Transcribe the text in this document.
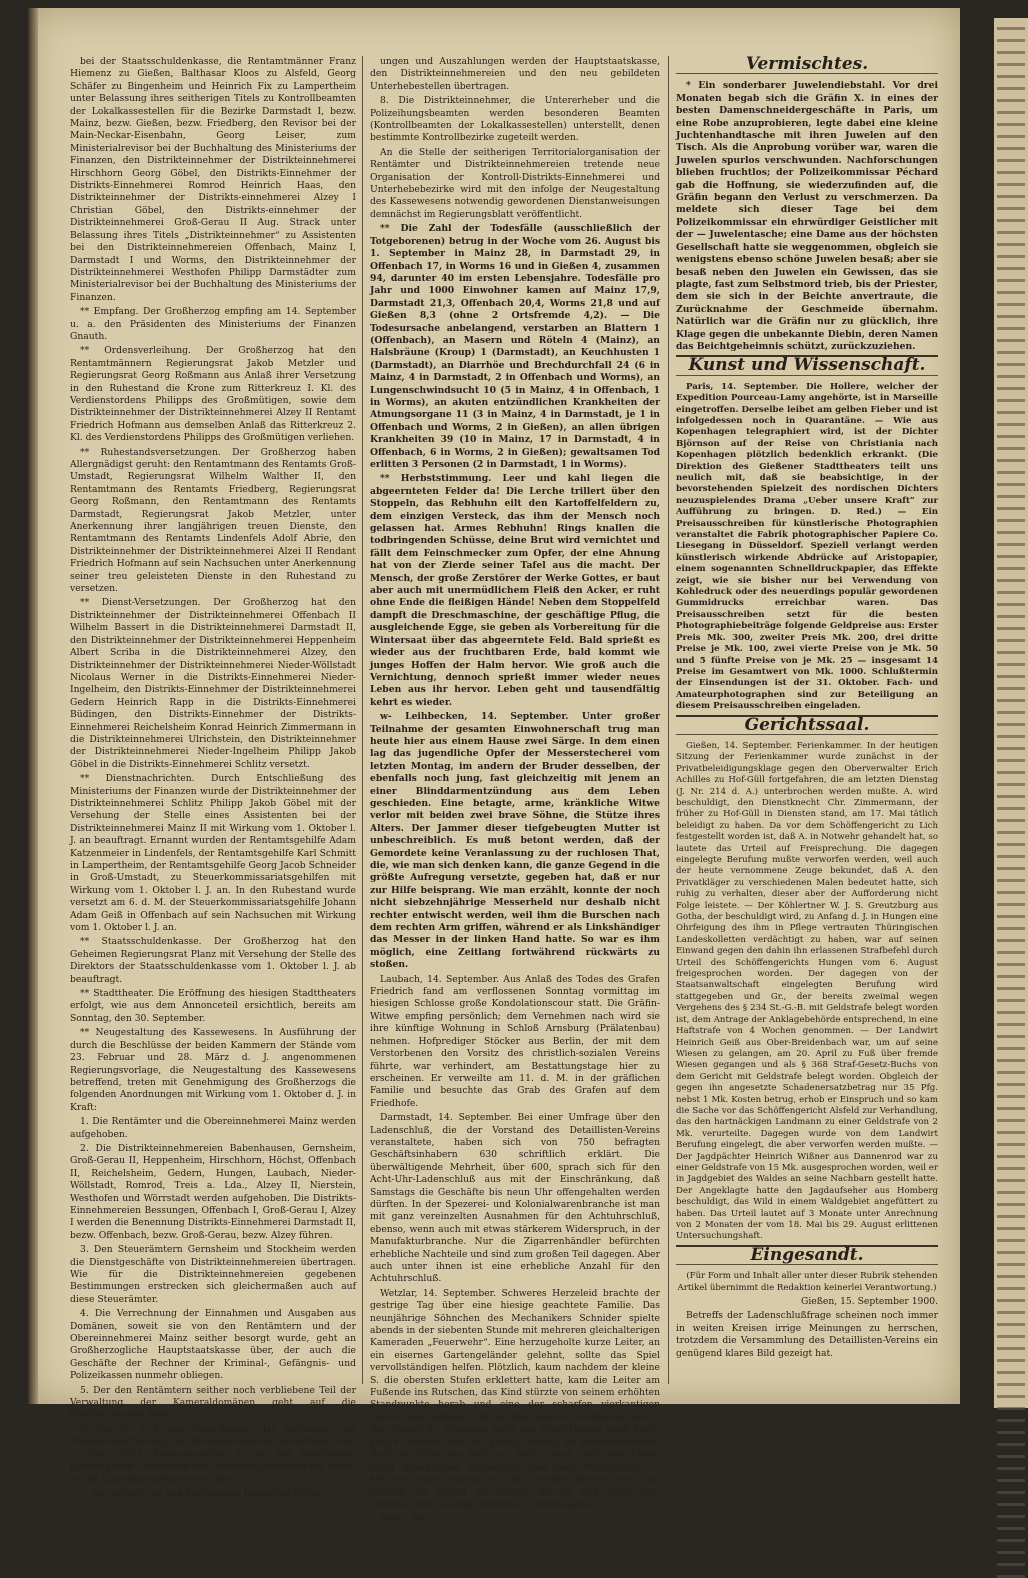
bei der Staatsschuldenkasse, die Rentamtmänner Franz Hiemenz zu Gießen, Balthasar Kloos zu Alsfeld, Georg Schäfer zu Bingenheim und Heinrich Fix zu Lampertheim unter Belassung ihres seitherigen Titels zu Kontrollbeamten der Lokalkassestellen für die Bezirke Darmstadt I, bezw. Mainz, bezw. Gießen, bezw. Friedberg, den Revisor bei der Main-Neckar-Eisenbahn, Georg Leiser, zum Ministerialrevisor bei der Buchhaltung des Ministeriums der Finanzen, den Distrikteinnehmer der Distrikteinnehmerei Hirschhorn Georg Göbel, den Distrikts-Einnehmer der Distrikts-Einnehmerei Romrod Heinrich Haas, den Distrikteinnehmer der Distrikts-einnehmerei Alzey I Christian Göbel, den Distrikts-einnehmer der Distrikteinnehmerei Groß-Gerau II Aug. Strack unter Belassung ihres Titels „Distrikteinnehmer“ zu Assistenten bei den Distrikteinnehmereien Offenbach, Mainz I, Darmstadt I und Worms, den Distrikteinnehmer der Distrikteinnehmerei Westhofen Philipp Darmstädter zum Ministerialrevisor bei der Buchhaltung des Ministeriums der Finanzen.

** Empfang. Der Großherzog empfing am 14. September u. a. den Präsidenten des Ministeriums der Finanzen Gnauth.

** Ordensverleihung. Der Großherzog hat den Rentamtmännern Regierungsrat Jakob Metzler und Regierungsrat Georg Roßmann aus Anlaß ihrer Versetzung in den Ruhestand die Krone zum Ritterkreuz I. Kl. des Verdienstordens Philipps des Großmütigen, sowie dem Distrikteinnehmer der Distrikteinnehmerei Alzey II Rentamt Friedrich Hofmann aus demselben Anlaß das Ritterkreuz 2. Kl. des Verdienstordens Philipps des Großmütigen verliehen.

** Ruhestandsversetzungen. Der Großherzog haben Allergnädigst geruht: den Rentamtmann des Rentamts Groß-Umstadt, Regierungsrat Wilhelm Walther II, den Rentamtmann des Rentamts Friedberg, Regierungsrat Georg Roßmann, den Rentamtmann des Rentamts Darmstadt, Regierungsrat Jakob Metzler, unter Anerkennung ihrer langjährigen treuen Dienste, den Rentamtmann des Rentamts Lindenfels Adolf Abrie, den Distrikteinnehmer der Distrikteinnehmerei Alzei II Rendant Friedrich Hofmann auf sein Nachsuchen unter Anerkennung seiner treu geleisteten Dienste in den Ruhestand zu versetzen.

** Dienst-Versetzungen. Der Großherzog hat den Distrikteinnehmer der Distrikteinnehmerei Offenbach II Wilhelm Bassert in die Distrikteinnehmerei Darmstadt II, den Distrikteinnehmer der Distrikteinnehmerei Heppenheim Albert Scriba in die Distrikteinnehmerei Alzey, den Distrikteinnehmer der Distrikteinnehmerei Nieder-Wöllstadt Nicolaus Werner in die Distrikts-Einnehmerei Nieder-Ingelheim, den Distrikts-Einnehmer der Distrikteinnehmerei Gedern Heinrich Rapp in die Distrikts-Einnehmerei Büdingen, den Distrikts-Einnehmer der Distrikts-Einnehmerei Reichelsheim Konrad Heinrich Zimmermann in die Distrikteinnehmerei Ulrichstein, den Distrikteinnehmer der Distrikteinnehmerei Nieder-Ingelheim Philipp Jakob Göbel in die Distrikts-Einnehmerei Schlitz versetzt.

** Dienstnachrichten. Durch Entschließung des Ministeriums der Finanzen wurde der Distrikteinnehmer der Distrikteinnehmerei Schlitz Philipp Jakob Göbel mit der Versehung der Stelle eines Assistenten bei der Distrikteinnehmerei Mainz II mit Wirkung vom 1. Oktober l. J. an beauftragt. Ernannt wurden der Rentamtsgehilfe Adam Katzenmeier in Lindenfels, der Rentamtsgehilfe Karl Schmitt in Lampertheim, der Rentamtsgehilfe Georg Jacob Schneider in Groß-Umstadt, zu Steuerkommissariatsgehilfen mit Wirkung vom 1. Oktober l. J. an. In den Ruhestand wurde versetzt am 6. d. M. der Steuerkommissariatsgehilfe Johann Adam Geiß in Offenbach auf sein Nachsuchen mit Wirkung vom 1. Oktober l. J. an.

** Staatsschuldenkasse. Der Großherzog hat den Geheimen Regierungsrat Planz mit Versehung der Stelle des Direktors der Staatsschuldenkasse vom 1. Oktober l. J. ab beauftragt.

** Stadttheater. Die Eröffnung des hiesigen Stadttheaters erfolgt, wie aus dem Annonceteil ersichtlich, bereits am Sonntag, den 30. September.

** Neugestaltung des Kassewesens. In Ausführung der durch die Beschlüsse der beiden Kammern der Stände vom 23. Februar und 28. März d. J. angenommenen Regierungsvorlage, die Neugestaltung des Kassewesens betreffend, treten mit Genehmigung des Großherzogs die folgenden Anordnungen mit Wirkung vom 1. Oktober d. J. in Kraft:

1. Die Rentämter und die Obereinnehmerei Mainz werden aufgehoben.

2. Die Distrikteinnehmereien Babenhausen, Gernsheim, Groß-Gerau II, Heppenheim, Hirschhorn, Höchst, Offenbach II, Reichelsheim, Gedern, Hungen, Laubach, Nieder-Wöllstadt, Romrod, Treis a. Lda., Alzey II, Nierstein, Westhofen und Wörrstadt werden aufgehoben. Die Distrikts-Einnehmereien Bessungen, Offenbach I, Groß-Gerau I, Alzey I werden die Benennung Distrikts-Einnehmerei Darmstadt II, bezw. Offenbach, bezw. Groß-Gerau, bezw. Alzey führen.

3. Den Steuerämtern Gernsheim und Stockheim werden die Dienstgeschäfte von Distrikteinnehmereien übertragen. Wie für die Distrikteinnehmereien gegebenen Bestimmungen erstrecken sich gleichermaßen auch auf diese Steuerämter.

4. Die Verrechnung der Einnahmen und Ausgaben aus Domänen, soweit sie von den Rentämtern und der Obereinnehmerei Mainz seither besorgt wurde, geht an Großherzogliche Hauptstaatskasse über, der auch die Geschäfte der Rechner der Kriminal-, Gefängnis- und Polizeikassen nunmehr obliegen.

5. Der den Rentämtern seither noch verbliebene Teil der Verwaltung der Kameraldomänen geht auf die Oberförstereien über.

6. Die in § 4 der Verordnung, das Verfahren der Zwangsvollstreckung im Verwaltungswege betreffend, vom 7. März 1894 (Regierungsblatt S. 64) den Rentämtern übertragenen Funktionen der Vollstreckungsbehörden gehen an die Distrikteinnehmereien über.

7. Die seither von den Rentämtern besorgten Erheb-

ungen und Auszahlungen werden der Hauptstaatskasse, den Distrikteinnehmereien und den neu gebildeten Unterhebestellen übertragen.

8. Die Distrikteinnehmer, die Untererheber und die Polizeihungsbeamten werden besonderen Beamten (Kontrollbeamten der Lokalkassestellen) unterstellt, denen bestimmte Kontrollbezirke zugeteilt werden.

An die Stelle der seitherigen Territorialorganisation der Rentämter und Distrikteinnehmereien tretende neue Organisation der Kontroll-Distrikts-Einnehmerei und Unterhebebezirke wird mit den infolge der Neugestaltung des Kassewesens notwendig gewordenen Dienstanweisungen demnächst im Regierungsblatt veröffentlicht.

** Die Zahl der Todesfälle (ausschließlich der Totgeborenen) betrug in der Woche vom 26. August bis 1. September in Mainz 28, in Darmstadt 29, in Offenbach 17, in Worms 16 und in Gießen 4, zusammen 94, darunter 40 im ersten Lebensjahre. Todesfälle pro Jahr und 1000 Einwohner kamen auf Mainz 17,9, Darmstadt 21,3, Offenbach 20,4, Worms 21,8 und auf Gießen 8,3 (ohne 2 Ortsfremde 4,2). — Die Todesursache anbelangend, verstarben an Blattern 1 (Offenbach), an Masern und Röteln 4 (Mainz), an Halsbräune (Kroup) 1 (Darmstadt), an Keuchhusten 1 (Darmstadt), an Diarrhöe und Brechdurchfall 24 (6 in Mainz, 4 in Darmstadt, 2 in Offenbach und Worms), an Lungenschwindsucht 10 (5 in Mainz, 4 in Offenbach, 1 in Worms), an akuten entzündlichen Krankheiten der Atmungsorgane 11 (3 in Mainz, 4 in Darmstadt, je 1 in Offenbach und Worms, 2 in Gießen), an allen übrigen Krankheiten 39 (10 in Mainz, 17 in Darmstadt, 4 in Offenbach, 6 in Worms, 2 in Gießen); gewaltsamen Tod erlitten 3 Personen (2 in Darmstadt, 1 in Worms).

** Herbststimmung. Leer und kahl liegen die abgeernteten Felder da! Die Lerche trillert über den Stoppeln, das Rebhuhn eilt den Kartoffelfeldern zu, dem einzigen Versteck, das ihm der Mensch noch gelassen hat. Armes Rebhuhn! Rings knallen die todbringenden Schüsse, deine Brut wird vernichtet und fällt dem Feinschmecker zum Opfer, der eine Ahnung hat von der Zierde seiner Tafel aus die macht. Der Mensch, der große Zerstörer der Werke Gottes, er baut aber auch mit unermüdlichem Fleiß den Acker, er ruht ohne Ende die fleißigen Hände! Neben dem Stoppelfeld dampft die Dreschmaschine, der geschäftige Pflug, die ausgleichende Egge, sie geben als Vorbereitung für die Wintersaat über das abgeerntete Feld. Bald sprießt es wieder aus der fruchtbaren Erde, bald kommt wie junges Hoffen der Halm hervor. Wie groß auch die Vernichtung, dennoch sprießt immer wieder neues Leben aus ihr hervor. Leben geht und tausendfältig kehrt es wieder.

w- Leihbecken, 14. September. Unter großer Teilnahme der gesamten Einwohnerschaft trug man heute hier aus einem Hause zwei Särge. In dem einen lag das jugendliche Opfer der Messerstecherei vom letzten Montag, im andern der Bruder desselben, der ebenfalls noch jung, fast gleichzeitig mit jenem an einer Blinddarmentzündung aus dem Leben geschieden. Eine betagte, arme, kränkliche Witwe verlor mit beiden zwei brave Söhne, die Stütze ihres Alters. Der Jammer dieser tiefgebeugten Mutter ist unbeschreiblich. Es muß betont werden, daß der Gemordete keine Veranlassung zu der ruchlosen That, die, wie man sich denken kann, die ganze Gegend in die größte Aufregung versetzte, gegeben hat, daß er nur zur Hilfe beisprang. Wie man erzählt, konnte der noch nicht siebzehnjährige Messerheld nur deshalb nicht rechter entwischt werden, weil ihm die Burschen nach dem rechten Arm griffen, während er als Linkshändiger das Messer in der linken Hand hatte. So war es ihm möglich, eine Zeitlang fortwährend rückwärts zu stoßen.

Laubach, 14. September. Aus Anlaß des Todes des Grafen Friedrich fand am verflossenen Sonntag vormittag im hiesigen Schlosse große Kondolationscour statt. Die Gräfin-Witwe empfing persönlich; dem Vernehmen nach wird sie ihre künftige Wohnung in Schloß Arnsburg (Prälatenbau) nehmen. Hofprediger Stöcker aus Berlin, der mit dem Verstorbenen den Vorsitz des christlich-sozialen Vereins führte, war verhindert, am Bestattungstage hier zu erscheinen. Er verweilte am 11. d. M. in der gräflichen Familie und besuchte das Grab des Grafen auf dem Friedhofe.

Darmstadt, 14. September. Bei einer Umfrage über den Ladenschluß, die der Vorstand des Detaillisten-Vereins veranstaltete, haben sich von 750 befragten Geschäftsinhabern 630 schriftlich erklärt. Die überwältigende Mehrheit, über 600, sprach sich für den Acht-Uhr-Ladenschluß aus mit der Einschränkung, daß Samstags die Geschäfte bis neun Uhr offengehalten werden dürften. In der Spezerei- und Kolonialwarenbranche ist man mit ganz vereinzelten Ausnahmen für den Achtuhrschluß, ebenso, wenn auch mit etwas stärkerem Widerspruch, in der Manufakturbranche. Nur die Zigarrenhändler befürchten erhebliche Nachteile und sind zum großen Teil dagegen. Aber auch unter ihnen ist eine erhebliche Anzahl für den Achtuhrschluß.

Wetzlar, 14. September. Schweres Herzeleid brachte der gestrige Tag über eine hiesige geachtete Familie. Das neunjährige Söhnchen des Mechanikers Schnider spielte abends in der siebenten Stunde mit mehreren gleichalterigen Kameraden „Feuerwehr“. Eine herzugeholte kurze Leiter, an ein eisernes Gartengeländer gelehnt, sollte das Spiel vervollständigen helfen. Plötzlich, kaum nachdem der kleine S. die obersten Stufen erklettert hatte, kam die Leiter am Fußende ins Rutschen, das Kind stürzte von seinem erhöhten Standpunkte herab und eine der scharfen vierkantigen Spitzen des Geländers drang ihm mehrere Centimeter tief in den Unterleib. Trotzdem hatte der Unglückliche noch Kraft, einige Schritte weit zu gehen, worauf er zusammenbrach. Ärztliche Hilfe war bald zur Stelle, doch starb der Kleine unter unsäglichen Schmerzen bald nach Mitternacht. — Möchte dieser traurige Fall eine erneute Warnung sein, das Spielen der Kinder an Plätzen, die an sich nicht dazu geeignet sind, auf das strengste zu untersagen.

Wetzl. Anz.

Vermischtes.

* Ein sonderbarer Juwelendiebstahl. Vor drei Monaten begab sich die Gräfin X. in eines der besten Damenschneidergeschäfte in Paris, um eine Robe anzuprobieren, legte dabei eine kleine Juchtenhandtasche mit ihren Juwelen auf den Tisch. Als die Anprobung vorüber war, waren die Juwelen spurlos verschwunden. Nachforschungen blieben fruchtlos; der Polizeikommissar Péchard gab die Hoffnung, sie wiederzufinden auf, die Gräfin begann den Verlust zu verschmerzen. Da meldete sich dieser Tage bei dem Polizeikommissar ein ehrwürdiger Geistlicher mit der — Juwelentasche; eine Dame aus der höchsten Gesellschaft hatte sie weggenommen, obgleich sie wenigstens ebenso schöne Juwelen besaß; aber sie besaß neben den Juwelen ein Gewissen, das sie plagte, fast zum Selbstmord trieb, bis der Priester, dem sie sich in der Beichte anvertraute, die Zurücknahme der Geschmeide übernahm. Natürlich war die Gräfin nur zu glücklich, ihre Klage gegen die unbekannte Diebin, deren Namen das Beichtgeheimnis schützt, zurückzuziehen.

Kunst und Wissenschaft.

Paris, 14. September. Die Hollere, welcher der Expedition Pourceau-Lamy angehörte, ist in Marseille eingetroffen. Derselbe leibet am gelben Fieber und ist infolgedessen noch in Quarantäne. — Wie aus Kopenhagen telegraphiert wird, ist der Dichter Björnson auf der Reise von Christiania nach Kopenhagen plötzlich bedenklich erkrankt. (Die Direktion des Gießener Stadttheaters teilt uns neulich mit, daß sie beabsichtige, in der bevorstehenden Spielzeit des nordischen Dichters neuzuspielendes Drama „Ueber unsere Kraft“ zur Aufführung zu bringen. D. Red.) — Ein Preisausschreiben für künstlerische Photographien veranstaltet die Fabrik photographischer Papiere Co. Liesegang in Düsseldorf. Speziell verlangt werden künstlerisch wirkende Abdrücke auf Aristopapier, einem sogenannten Schnelldruckpapier, das Effekte zeigt, wie sie bisher nur bei Verwendung von Kohledruck oder des neuerdings populär gewordenen Gummidrucks erreichbar waren. Das Preisausschreiben setzt für die besten Photographiebeiträge folgende Geldpreise aus: Erster Preis Mk. 300, zweiter Preis Mk. 200, drei dritte Preise je Mk. 100, zwei vierte Preise von je Mk. 50 und 5 fünfte Preise von je Mk. 25 — insgesamt 14 Preise im Gesamtwert von Mk. 1000. Schlußtermin der Einsendungen ist der 31. Oktober. Fach- und Amateurphotographen sind zur Beteiligung an diesem Preisausschreiben eingeladen.

Gerichtssaal.

Gießen, 14. September. Ferienkammer. In der heutigen Sitzung der Ferienkammer wurde zunächst in der Privatbeleidigungsklage gegen den Oberverwalter Erich Achilles zu Hof-Güll fortgefahren, die am letzten Dienstag (J. Nr. 214 d. A.) unterbrochen werden mußte. A. wird beschuldigt, den Dienstknecht Chr. Zimmermann, der früher zu Hof-Güll in Diensten stand, am 17. Mai tätlich beleidigt zu haben. Da vor dem Schöffengericht zu Lich festgestellt worden ist, daß A. in Notwehr gehandelt hat, so lautete das Urteil auf Freisprechung. Die dagegen eingelegte Berufung mußte verworfen werden, weil auch der heute vernommene Zeuge bekundet, daß A. den Privatkläger zu verschiedenen Malen bedeutet hatte, sich ruhig zu verhalten, dieser aber der Aufforderung nicht Folge leistete. — Der Köhlertner W. J. S. Greutzburg aus Gotha, der beschuldigt wird, zu Anfang d. J. in Hungen eine Ohrfeigung des ihm in Pflege vertrauten Thüringischen Landeskolletten verdächtigt zu haben, war auf seinen Einwand gegen den dahin ihn erlassenen Strafbefehl durch Urteil des Schöffengerichts Hungen vom 6. August freigesprochen worden. Der dagegen von der Staatsanwaltschaft eingelegten Berufung wird stattgegeben und Gr., der bereits zweimal wegen Vergehens des § 234 St.-G.-B. mit Geldstrafe belegt worden ist, dem Antrage der Anklagebehörde entsprechend, in eine Haftstrafe von 4 Wochen genommen. — Der Landwirt Heinrich Geiß aus Ober-Breidenbach war, um auf seine Wiesen zu gelangen, am 20. April zu Fuß über fremde Wiesen gegangen und als § 368 Straf-Gesetz-Buchs von dem Gericht mit Geldstrafe belegt worden. Obgleich der gegen ihn angesetzte Schadenersatzbetrag nur 35 Pfg. nebst 1 Mk. Kosten betrug, erhob er Einspruch und so kam die Sache vor das Schöffengericht Alsfeld zur Verhandlung, das den hartnäckigen Landmann zu einer Geldstrafe von 2 Mk. verurteilte. Dagegen wurde von dem Landwirt Berufung eingelegt, die aber verworfen werden mußte. — Der Jagdpächter Heinrich Wißner aus Dannenrod war zu einer Geldstrafe von 15 Mk. ausgesprochen worden, weil er in Jagdgebiet des Waldes an seine Nachbarn gestellt hatte. Der Angeklagte hatte den Jagdaufseher aus Homberg beschuldigt, das Wild in einem Waldgebiet angefüttert zu haben. Das Urteil lautet auf 3 Monate unter Anrechnung von 2 Monaten der vom 18. Mai bis 29. August erlittenen Untersuchungshaft.

Eingesandt.

(Für Form und Inhalt aller unter dieser Rubrik stehenden Artikel übernimmt die Redaktion keinerlei Verantwortung.)

Gießen, 15. September 1900.

Betreffs der Ladenschlußfrage scheinen noch immer in weiten Kreisen irrige Meinungen zu herrschen, trotzdem die Versammlung des Detaillisten-Vereins ein genügend klares Bild gezeigt hat.
